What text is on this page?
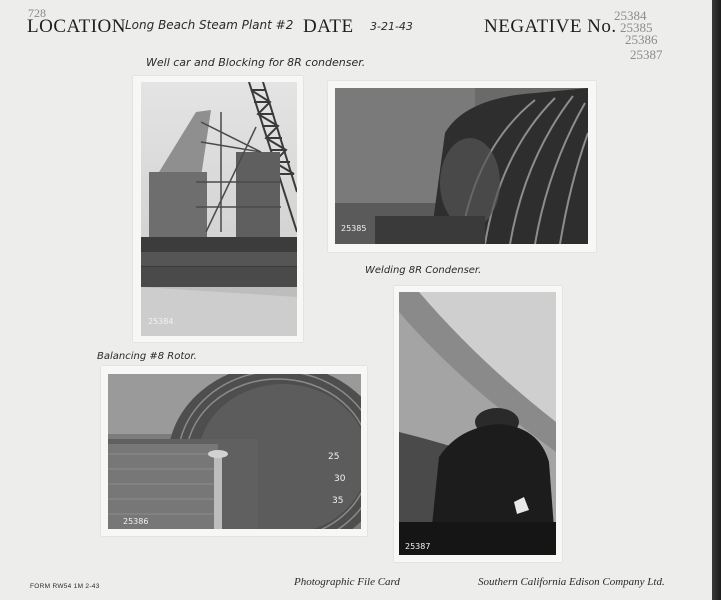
728
LOCATION Long Beach Steam Plant #2 DATE 3-21-43	NEGATIVE No.
25384
25385
25386
25387
Well car and Blocking for 8R condenser.
Welding 8R Condenser.
Balancing #8 Rotor.
25384
25385
25387
25
30
35
25386
FORM RW54 1M 2-43	Photographic File Card	Southern California Edison Company Ltd.
